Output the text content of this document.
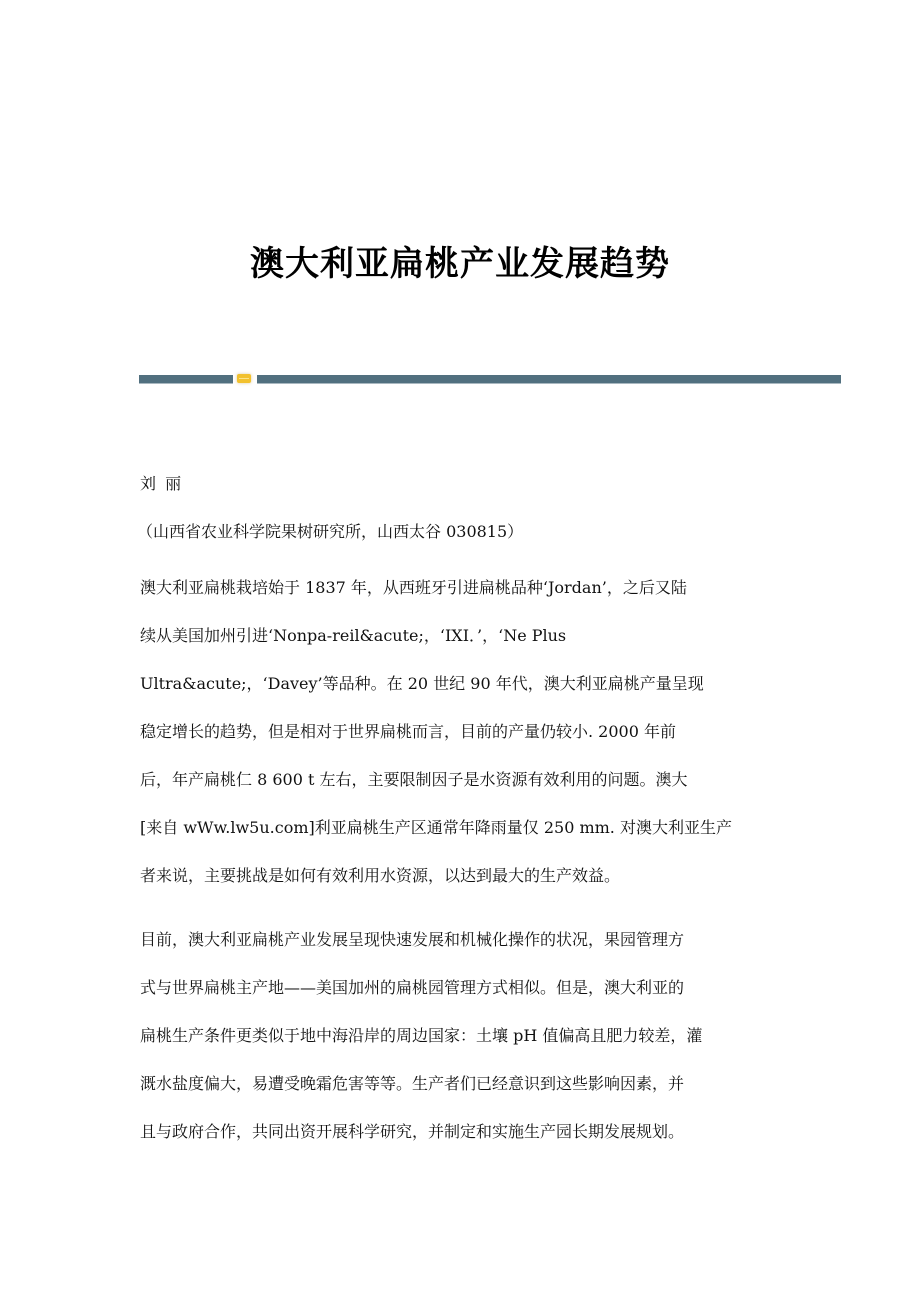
澳大利亚扁桃产业发展趋势

刘 丽

（山西省农业科学院果树研究所，山西太谷 030815）

澳大利亚扁桃栽培始于 1837 年，从西班牙引进扁桃品种‘Jordan’，之后又陆
续从美国加州引进‘Nonpa-reil&acute;，‘IXI．’，‘Ne Plus
Ultra&acute;，‘Davey’等品种。在 20 世纪 90 年代，澳大利亚扁桃产量呈现
稳定增长的趋势，但是相对于世界扁桃而言，目前的产量仍较小. 2000 年前
后，年产扁桃仁 8 600 t 左右，主要限制因子是水资源有效利用的问题。澳大
[来自 wWw.lw5u.com]利亚扁桃生产区通常年降雨量仅 250 mm. 对澳大利亚生产
者来说，主要挑战是如何有效利用水资源，以达到最大的生产效益。

目前，澳大利亚扁桃产业发展呈现快速发展和机械化操作的状况，果园管理方
式与世界扁桃主产地——美国加州的扁桃园管理方式相似。但是，澳大利亚的
扁桃生产条件更类似于地中海沿岸的周边国家：土壤 pH 值偏高且肥力较差，灌
溉水盐度偏大，易遭受晚霜危害等等。生产者们已经意识到这些影响因素，并
且与政府合作，共同出资开展科学研究，并制定和实施生产园长期发展规划。
